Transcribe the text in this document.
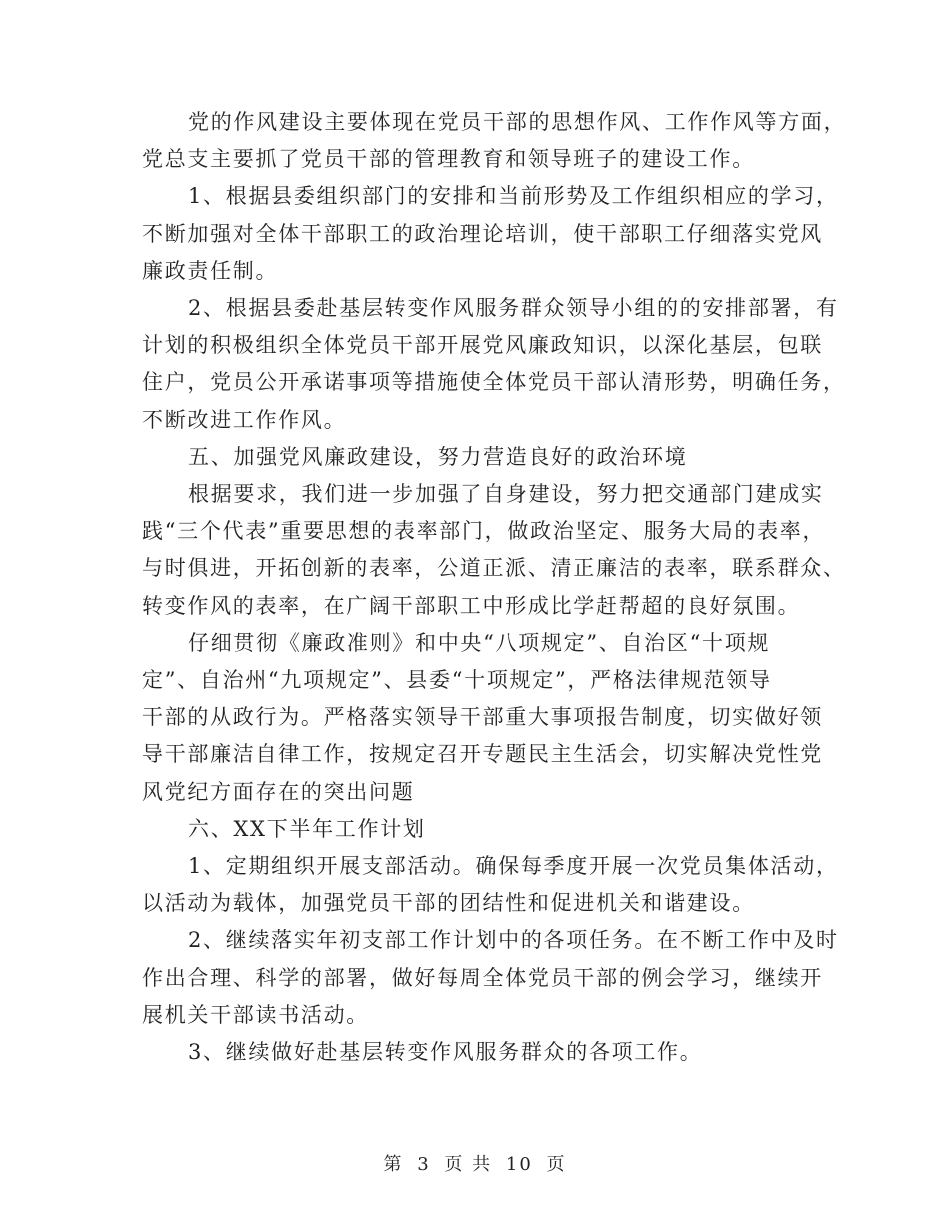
党的作风建设主要体现在党员干部的思想作风、工作作风等方面，
党总支主要抓了党员干部的管理教育和领导班子的建设工作。

1、根据县委组织部门的安排和当前形势及工作组织相应的学习，
不断加强对全体干部职工的政治理论培训，使干部职工仔细落实党风
廉政责任制。

2、根据县委赴基层转变作风服务群众领导小组的的安排部署，有
计划的积极组织全体党员干部开展党风廉政知识，以深化基层，包联
住户，党员公开承诺事项等措施使全体党员干部认清形势，明确任务，
不断改进工作作风。

五、加强党风廉政建设，努力营造良好的政治环境

根据要求，我们进一步加强了自身建设，努力把交通部门建成实
践“三个代表”重要思想的表率部门，做政治坚定、服务大局的表率，
与时俱进，开拓创新的表率，公道正派、清正廉洁的表率，联系群众、
转变作风的表率，在广阔干部职工中形成比学赶帮超的良好氛围。

仔细贯彻《廉政准则》和中央“八项规定”、自治区“十项规
定”、自治州“九项规定”、县委“十项规定”，严格法律规范领导
干部的从政行为。严格落实领导干部重大事项报告制度，切实做好领
导干部廉洁自律工作，按规定召开专题民主生活会，切实解决党性党
风党纪方面存在的突出问题

六、XX下半年工作计划

1、定期组织开展支部活动。确保每季度开展一次党员集体活动，
以活动为载体，加强党员干部的团结性和促进机关和谐建设。

2、继续落实年初支部工作计划中的各项任务。在不断工作中及时
作出合理、科学的部署，做好每周全体党员干部的例会学习，继续开
展机关干部读书活动。

3、继续做好赴基层转变作风服务群众的各项工作。

第 3 页 共 10 页
